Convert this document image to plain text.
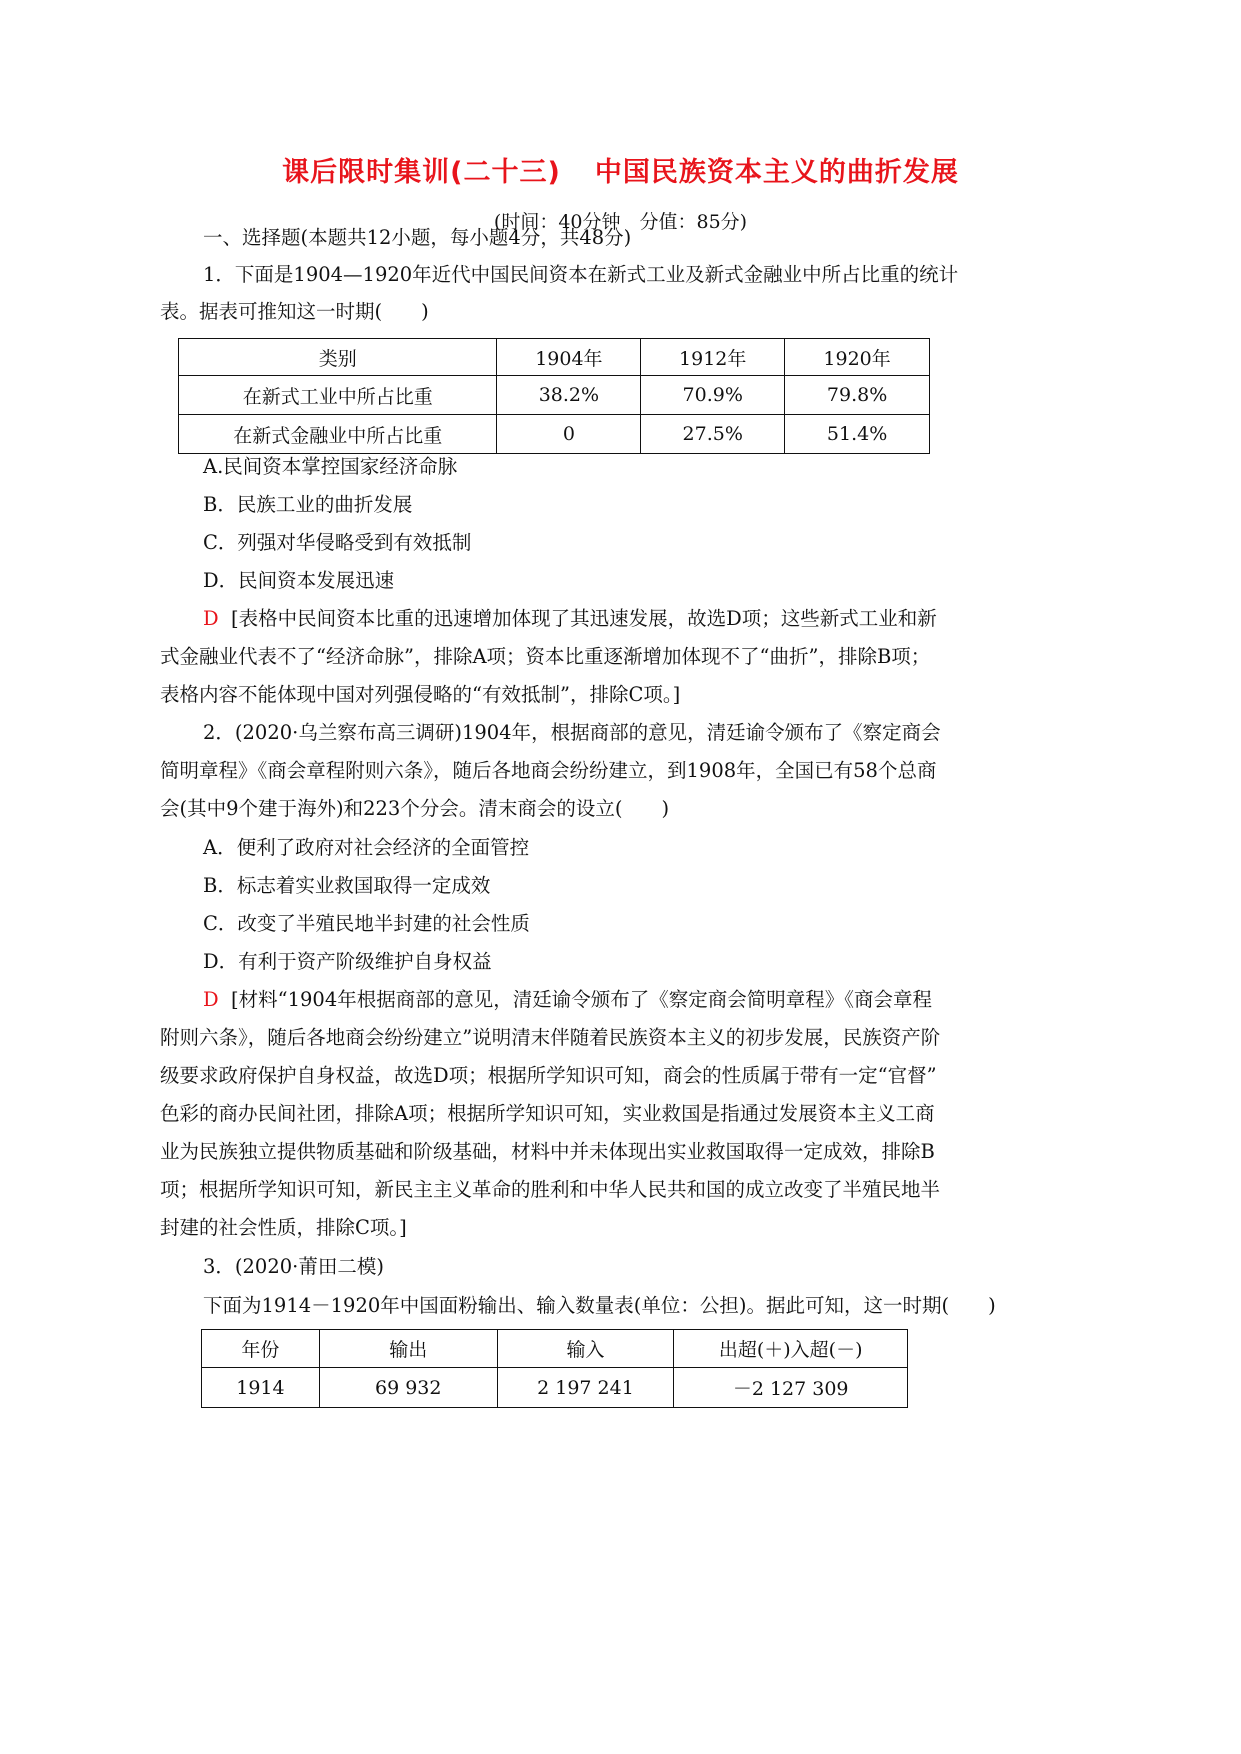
课后限时集训(二十三) 中国民族资本主义的曲折发展
(时间：40分钟　分值：85分)
一、选择题(本题共12小题，每小题4分，共48分)
1．下面是1904—1920年近代中国民间资本在新式工业及新式金融业中所占比重的统计
表。据表可推知这一时期(　　)
类别	1904年	1912年	1920年
在新式工业中所占比重	38.2%	70.9%	79.8%
在新式金融业中所占比重	0	27.5%	51.4%
A.民间资本掌控国家经济命脉
B．民族工业的曲折发展
C．列强对华侵略受到有效抵制
D．民间资本发展迅速
D [表格中民间资本比重的迅速增加体现了其迅速发展，故选D项；这些新式工业和新
式金融业代表不了“经济命脉”，排除A项；资本比重逐渐增加体现不了“曲折”，排除B项；
表格内容不能体现中国对列强侵略的“有效抵制”，排除C项。]
2．(2020·乌兰察布高三调研)1904年，根据商部的意见，清廷谕令颁布了《察定商会
简明章程》《商会章程附则六条》，随后各地商会纷纷建立，到1908年，全国已有58个总商
会(其中9个建于海外)和223个分会。清末商会的设立(　　)
A．便利了政府对社会经济的全面管控
B．标志着实业救国取得一定成效
C．改变了半殖民地半封建的社会性质
D．有利于资产阶级维护自身权益
D [材料“1904年根据商部的意见，清廷谕令颁布了《察定商会简明章程》《商会章程
附则六条》，随后各地商会纷纷建立”说明清末伴随着民族资本主义的初步发展，民族资产阶
级要求政府保护自身权益，故选D项；根据所学知识可知，商会的性质属于带有一定“官督”
色彩的商办民间社团，排除A项；根据所学知识可知，实业救国是指通过发展资本主义工商
业为民族独立提供物质基础和阶级基础，材料中并未体现出实业救国取得一定成效，排除B
项；根据所学知识可知，新民主主义革命的胜利和中华人民共和国的成立改变了半殖民地半
封建的社会性质，排除C项。]
3．(2020·莆田二模)
下面为1914－1920年中国面粉输出、输入数量表(单位：公担)。据此可知，这一时期(　　)
年份	输出	输入	出超(＋)入超(－)
1914	69 932	2 197 241	－2 127 309
